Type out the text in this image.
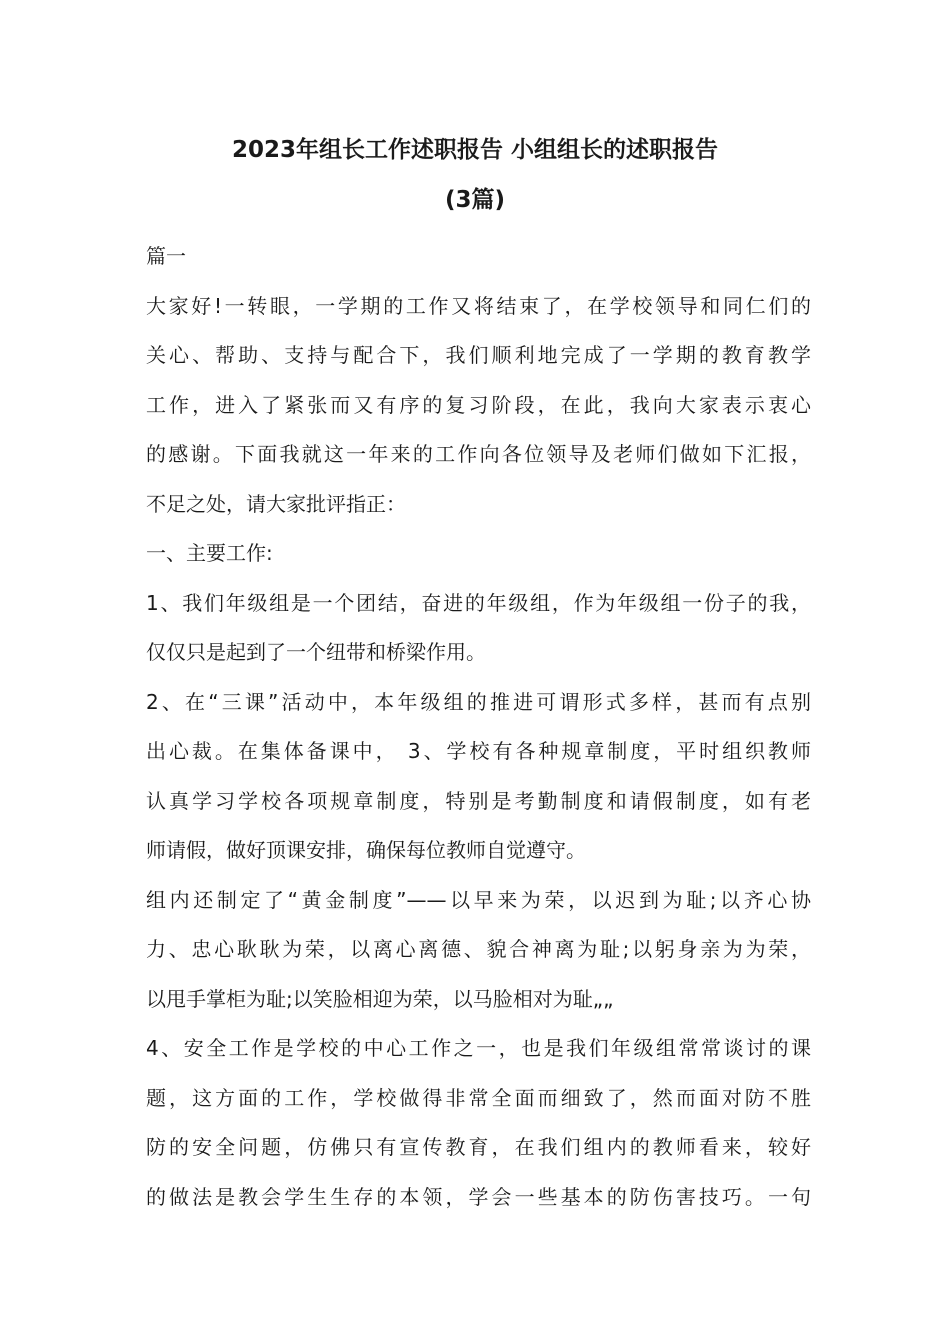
2023年组长工作述职报告 小组组长的述职报告
(3篇)
篇一
大家好!一转眼，一学期的工作又将结束了，在学校领导和同仁们的
关心、帮助、支持与配合下，我们顺利地完成了一学期的教育教学
工作，进入了紧张而又有序的复习阶段，在此，我向大家表示衷心
的感谢。下面我就这一年来的工作向各位领导及老师们做如下汇报，
不足之处，请大家批评指正：
一、主要工作:
1、我们年级组是一个团结，奋进的年级组，作为年级组一份子的我，
仅仅只是起到了一个纽带和桥梁作用。
2、在“三课”活动中，本年级组的推进可谓形式多样，甚而有点别
出心裁。在集体备课中， 3、学校有各种规章制度，平时组织教师
认真学习学校各项规章制度，特别是考勤制度和请假制度，如有老
师请假，做好顶课安排，确保每位教师自觉遵守。
组内还制定了“黄金制度”——以早来为荣，以迟到为耻;以齐心协
力、忠心耿耿为荣，以离心离德、貌合神离为耻;以躬身亲为为荣，
以甩手掌柜为耻;以笑脸相迎为荣，以马脸相对为耻„„
4、安全工作是学校的中心工作之一，也是我们年级组常常谈讨的课
题，这方面的工作，学校做得非常全面而细致了，然而面对防不胜
防的安全问题，仿佛只有宣传教育，在我们组内的教师看来，较好
的做法是教会学生生存的本领，学会一些基本的防伤害技巧。一句
